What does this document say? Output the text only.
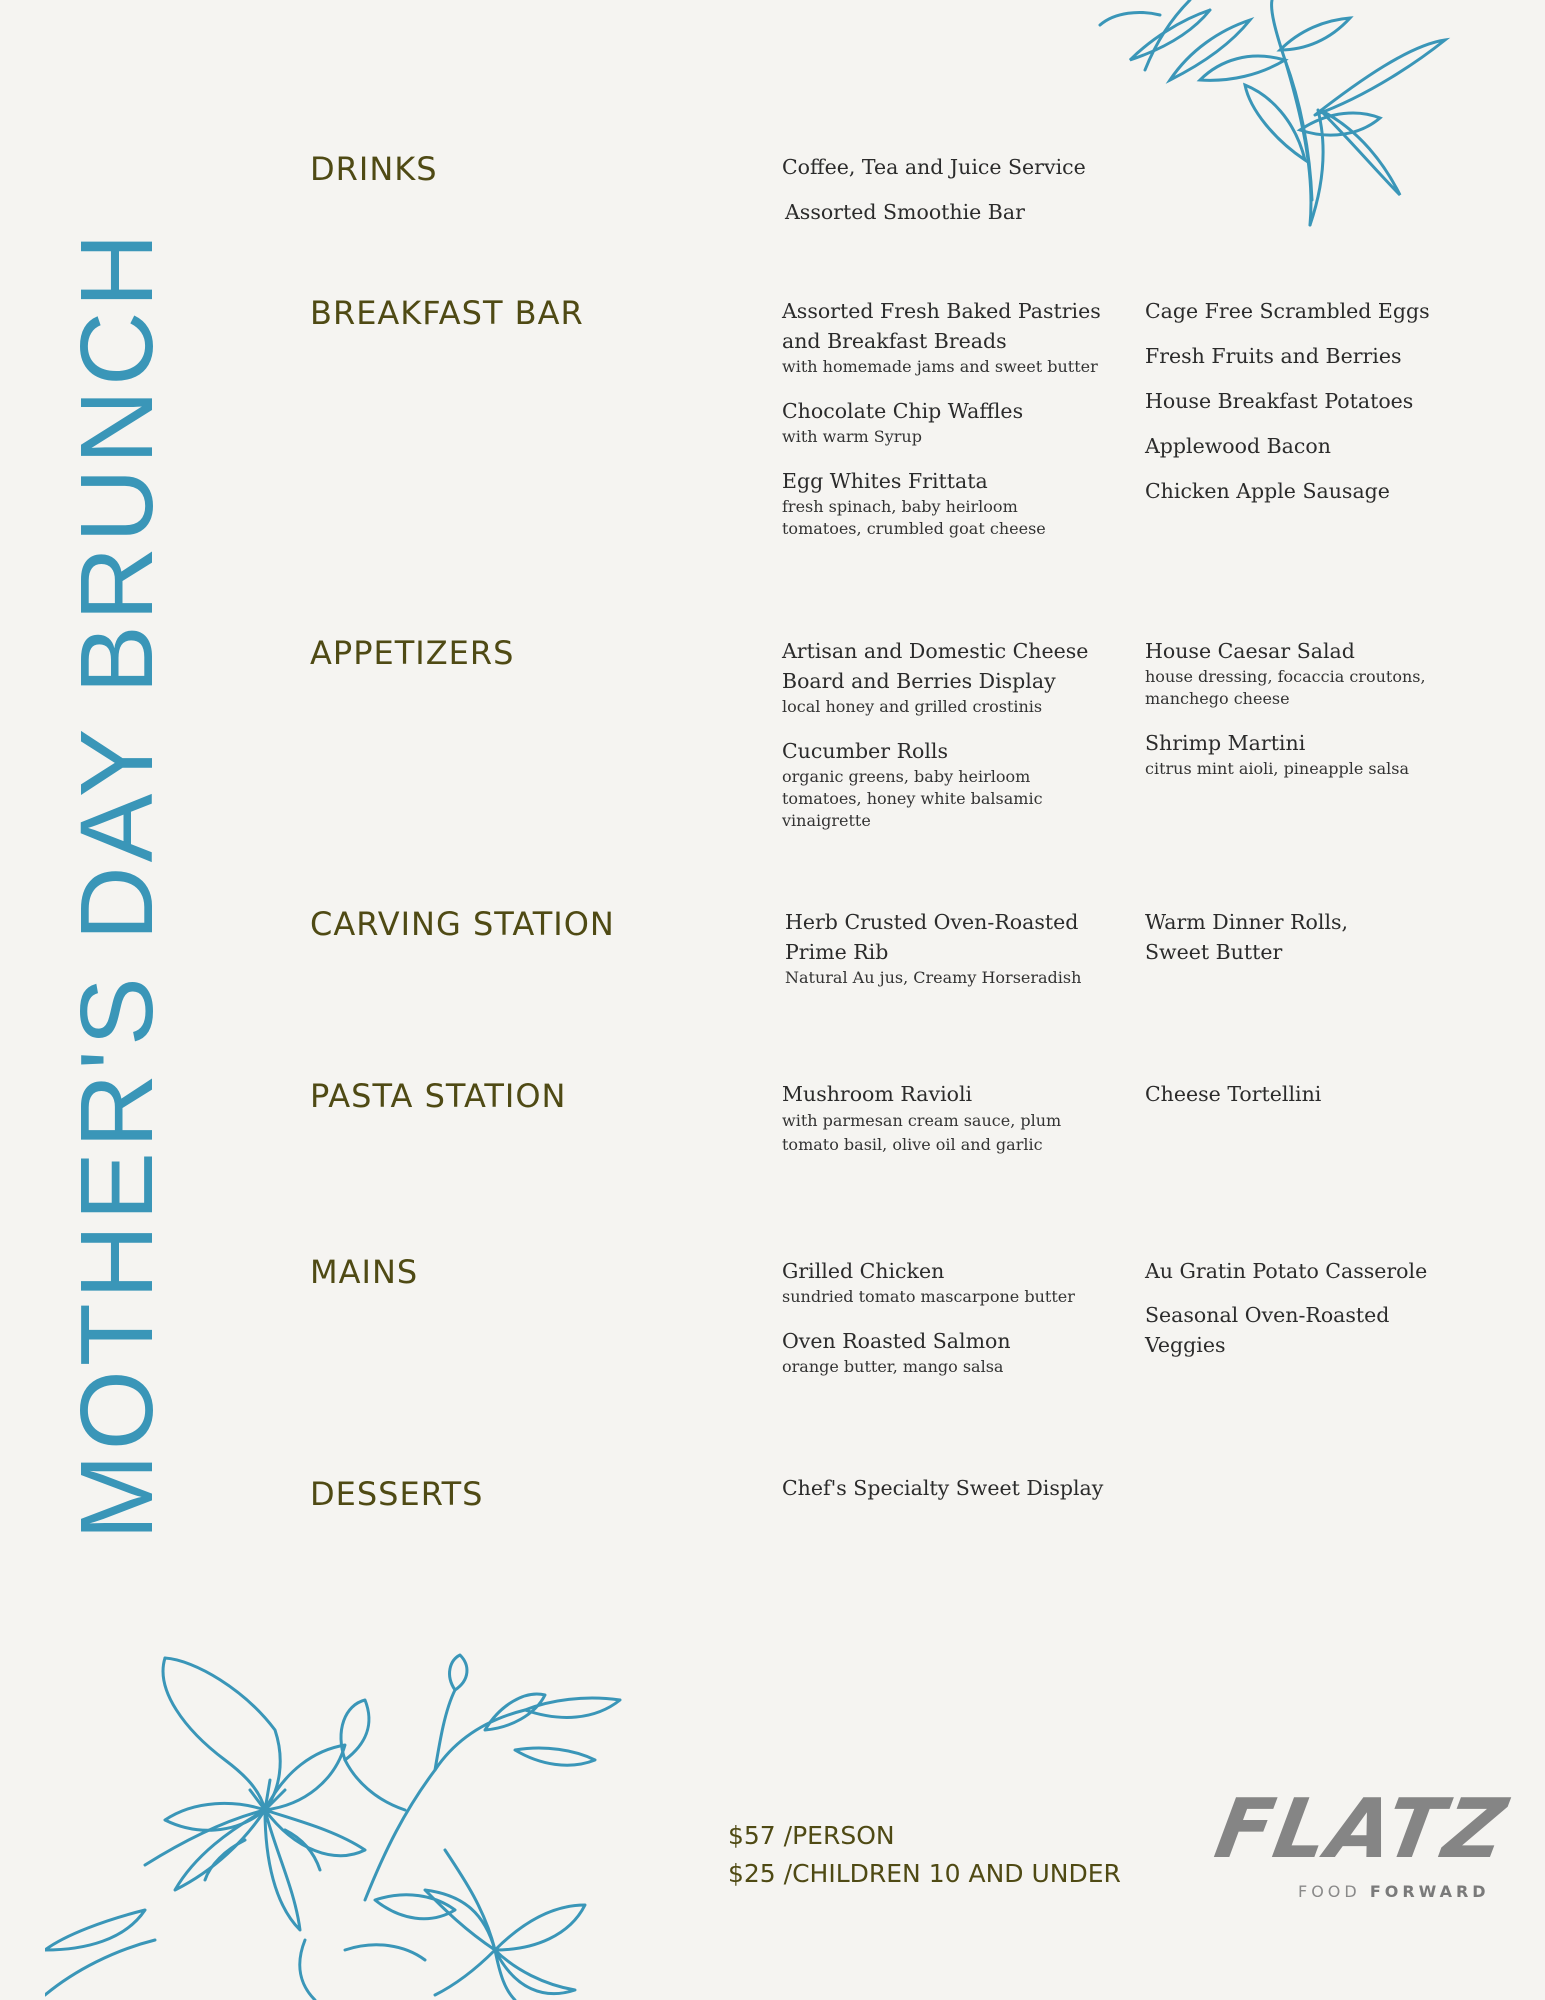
MOTHER'S DAY BRUNCH
DRINKS	Coffee, Tea and Juice Service
Assorted Smoothie Bar
BREAKFAST BAR	Assorted Fresh Baked Pastries and Breakfast Breads
with homemade jams and sweet butter
Chocolate Chip Waffles
with warm Syrup
Egg Whites Frittata
fresh spinach, baby heirloom tomatoes, crumbled goat cheese
Cage Free Scrambled Eggs
Fresh Fruits and Berries
House Breakfast Potatoes
Applewood Bacon
Chicken Apple Sausage
APPETIZERS	Artisan and Domestic Cheese Board and Berries Display
local honey and grilled crostinis
Cucumber Rolls
organic greens, baby heirloom tomatoes, honey white balsamic vinaigrette
House Caesar Salad
house dressing, focaccia croutons, manchego cheese
Shrimp Martini
citrus mint aioli, pineapple salsa
CARVING STATION	Herb Crusted Oven-Roasted Prime Rib
Natural Au jus, Creamy Horseradish
Warm Dinner Rolls, Sweet Butter
PASTA STATION	Mushroom Ravioli
with parmesan cream sauce, plum tomato basil, olive oil and garlic
Cheese Tortellini
MAINS	Grilled Chicken
sundried tomato mascarpone butter
Oven Roasted Salmon
orange butter, mango salsa
Au Gratin Potato Casserole
Seasonal Oven-Roasted Veggies
DESSERTS	Chef's Specialty Sweet Display
$57 /PERSON
$25 /CHILDREN 10 AND UNDER FLATZ
FOOD FORWARD
